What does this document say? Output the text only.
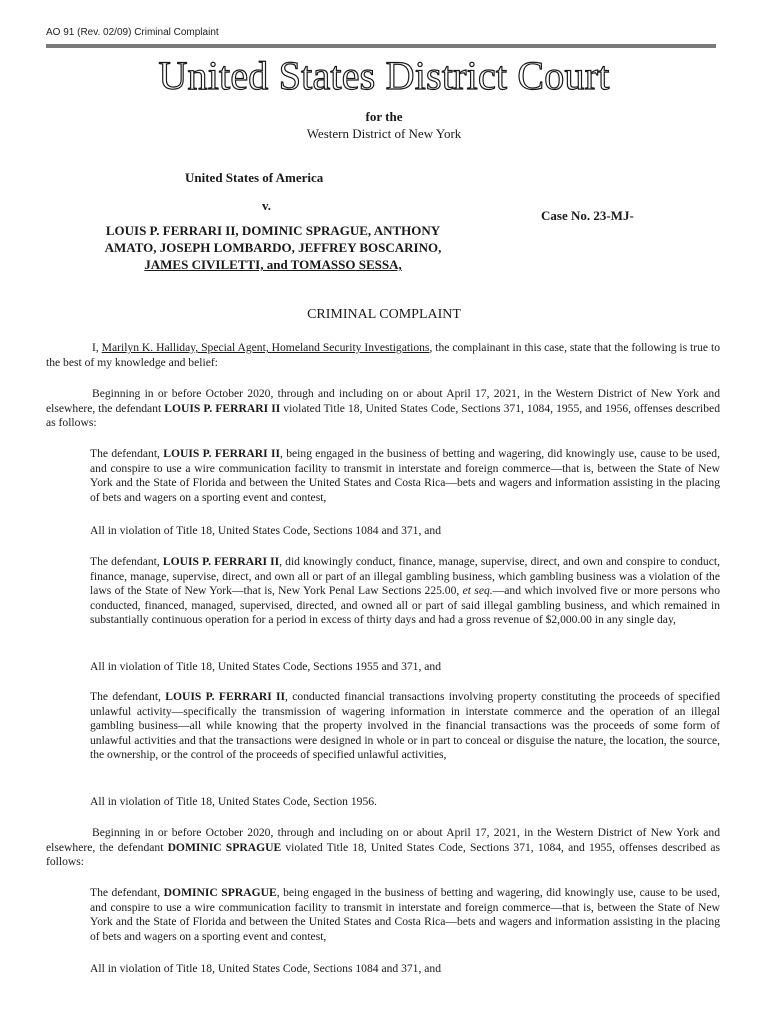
AO 91 (Rev. 02/09) Criminal Complaint
United States District Court
for the
Western District of New York
United States of America
v.
LOUIS P. FERRARI II, DOMINIC SPRAGUE, ANTHONY
AMATO, JOSEPH LOMBARDO, JEFFREY BOSCARINO,
JAMES CIVILETTI, and TOMASSO SESSA,
Case No. 23-MJ-
CRIMINAL COMPLAINT
I, Marilyn K. Halliday, Special Agent, Homeland Security Investigations, the complainant in this case, state that the following is true to the best of my knowledge and belief:
Beginning in or before October 2020, through and including on or about April 17, 2021, in the Western District of New York and elsewhere, the defendant LOUIS P. FERRARI II violated Title 18, United States Code, Sections 371, 1084, 1955, and 1956, offenses described as follows:
The defendant, LOUIS P. FERRARI II, being engaged in the business of betting and wagering, did knowingly use, cause to be used, and conspire to use a wire communication facility to transmit in interstate and foreign commerce—that is, between the State of New York and the State of Florida and between the United States and Costa Rica—bets and wagers and information assisting in the placing of bets and wagers on a sporting event and contest,
All in violation of Title 18, United States Code, Sections 1084 and 371, and
The defendant, LOUIS P. FERRARI II, did knowingly conduct, finance, manage, supervise, direct, and own and conspire to conduct, finance, manage, supervise, direct, and own all or part of an illegal gambling business, which gambling business was a violation of the laws of the State of New York—that is, New York Penal Law Sections 225.00, et seq.—and which involved five or more persons who conducted, financed, managed, supervised, directed, and owned all or part of said illegal gambling business, and which remained in substantially continuous operation for a period in excess of thirty days and had a gross revenue of $2,000.00 in any single day,
All in violation of Title 18, United States Code, Sections 1955 and 371, and
The defendant, LOUIS P. FERRARI II, conducted financial transactions involving property constituting the proceeds of specified unlawful activity—specifically the transmission of wagering information in interstate commerce and the operation of an illegal gambling business—all while knowing that the property involved in the financial transactions was the proceeds of some form of unlawful activities and that the transactions were designed in whole or in part to conceal or disguise the nature, the location, the source, the ownership, or the control of the proceeds of specified unlawful activities,
All in violation of Title 18, United States Code, Section 1956.
Beginning in or before October 2020, through and including on or about April 17, 2021, in the Western District of New York and elsewhere, the defendant DOMINIC SPRAGUE violated Title 18, United States Code, Sections 371, 1084, and 1955, offenses described as follows:
The defendant, DOMINIC SPRAGUE, being engaged in the business of betting and wagering, did knowingly use, cause to be used, and conspire to use a wire communication facility to transmit in interstate and foreign commerce—that is, between the State of New York and the State of Florida and between the United States and Costa Rica—bets and wagers and information assisting in the placing of bets and wagers on a sporting event and contest,
All in violation of Title 18, United States Code, Sections 1084 and 371, and
